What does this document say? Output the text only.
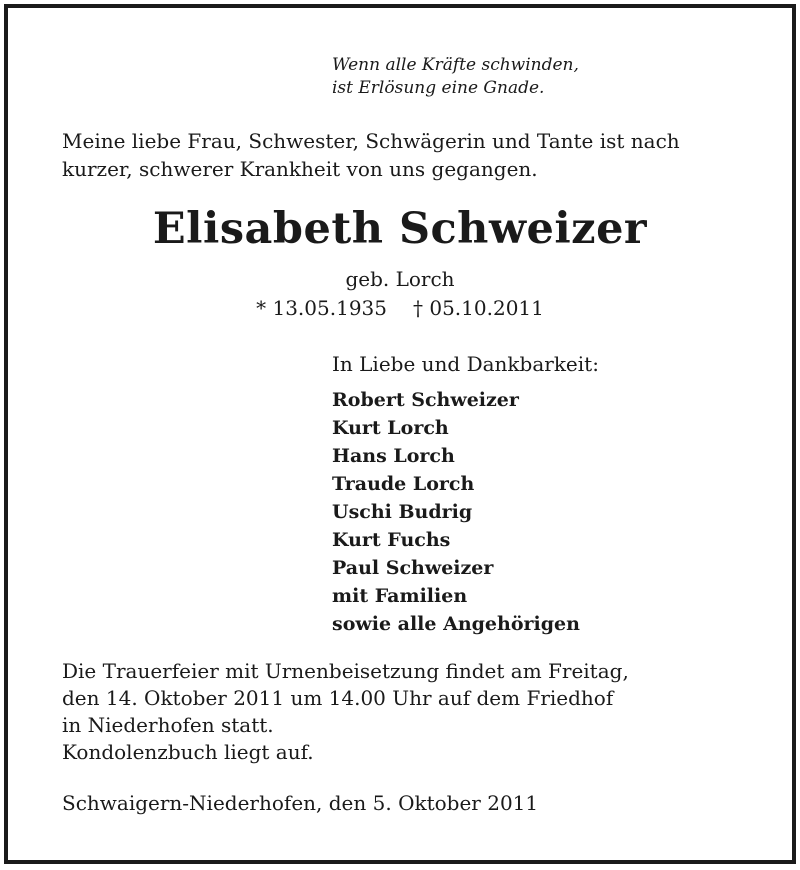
Wenn alle Kräfte schwinden,
ist Erlösung eine Gnade.
Meine liebe Frau, Schwester, Schwägerin und Tante ist nach
kurzer, schwerer Krankheit von uns gegangen.
Elisabeth Schweizer
geb. Lorch
* 13.05.1935 † 05.10.2011
In Liebe und Dankbarkeit:
Robert Schweizer
Kurt Lorch
Hans Lorch
Traude Lorch
Uschi Budrig
Kurt Fuchs
Paul Schweizer
mit Familien
sowie alle Angehörigen
Die Trauerfeier mit Urnenbeisetzung findet am Freitag,
den 14. Oktober 2011 um 14.00 Uhr auf dem Friedhof
in Niederhofen statt.
Kondolenzbuch liegt auf.
Schwaigern-Niederhofen, den 5. Oktober 2011
